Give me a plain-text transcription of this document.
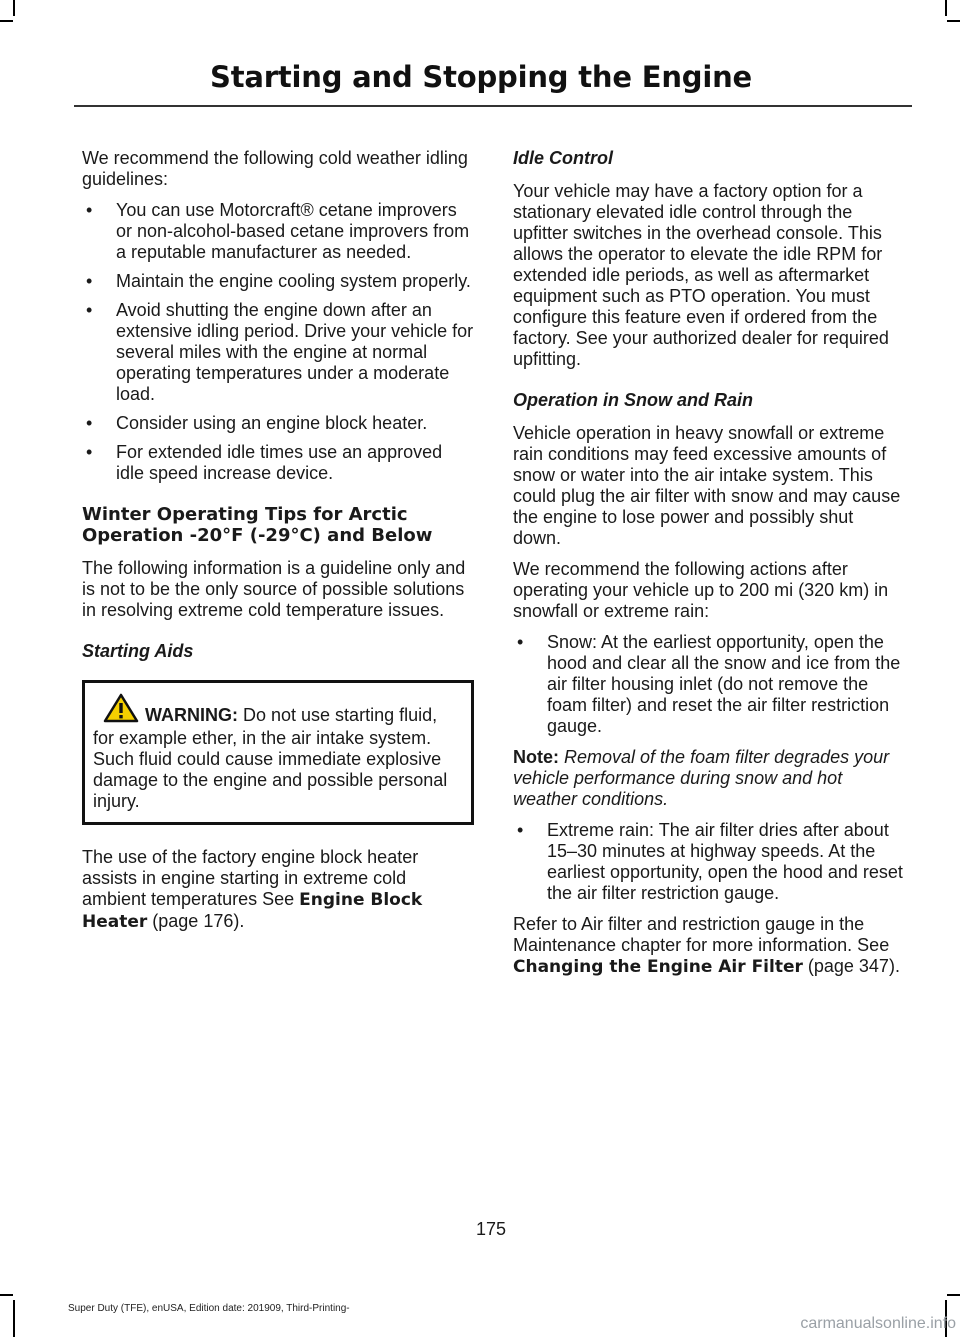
Starting and Stopping the Engine

We recommend the following cold weather idling guidelines:

• You can use Motorcraft® cetane improvers or non-alcohol-based cetane improvers from a reputable manufacturer as needed.
• Maintain the engine cooling system properly.
• Avoid shutting the engine down after an extensive idling period. Drive your vehicle for several miles with the engine at normal operating temperatures under a moderate load.
• Consider using an engine block heater.
• For extended idle times use an approved idle speed increase device.
Winter Operating Tips for Arctic Operation -20°F (-29°C) and Below

The following information is a guideline only and is not to be the only source of possible solutions in resolving extreme cold temperature issues.

Starting Aids
WARNING: Do not use starting fluid, for example ether, in the air intake system. Such fluid could cause immediate explosive damage to the engine and possible personal injury.

The use of the factory engine block heater assists in engine starting in extreme cold ambient temperatures See Engine Block Heater (page 176).

Idle Control

Your vehicle may have a factory option for a stationary elevated idle control through the upfitter switches in the overhead console. This allows the operator to elevate the idle RPM for extended idle periods, as well as aftermarket equipment such as PTO operation. You must configure this feature even if ordered from the factory. See your authorized dealer for required upfitting.

Operation in Snow and Rain

Vehicle operation in heavy snowfall or extreme rain conditions may feed excessive amounts of snow or water into the air intake system. This could plug the air filter with snow and may cause the engine to lose power and possibly shut down.

We recommend the following actions after operating your vehicle up to 200 mi (320 km) in snowfall or extreme rain:

• Snow: At the earliest opportunity, open the hood and clear all the snow and ice from the air filter housing inlet (do not remove the foam filter) and reset the air filter restriction gauge.

Note: Removal of the foam filter degrades your vehicle performance during snow and hot weather conditions.

• Extreme rain: The air filter dries after about 15–30 minutes at highway speeds. At the earliest opportunity, open the hood and reset the air filter restriction gauge.

Refer to Air filter and restriction gauge in the Maintenance chapter for more information. See Changing the Engine Air Filter (page 347).

175
Super Duty (TFE), enUSA, Edition date: 201909, Third-Printing-
carmanualsonline.info
